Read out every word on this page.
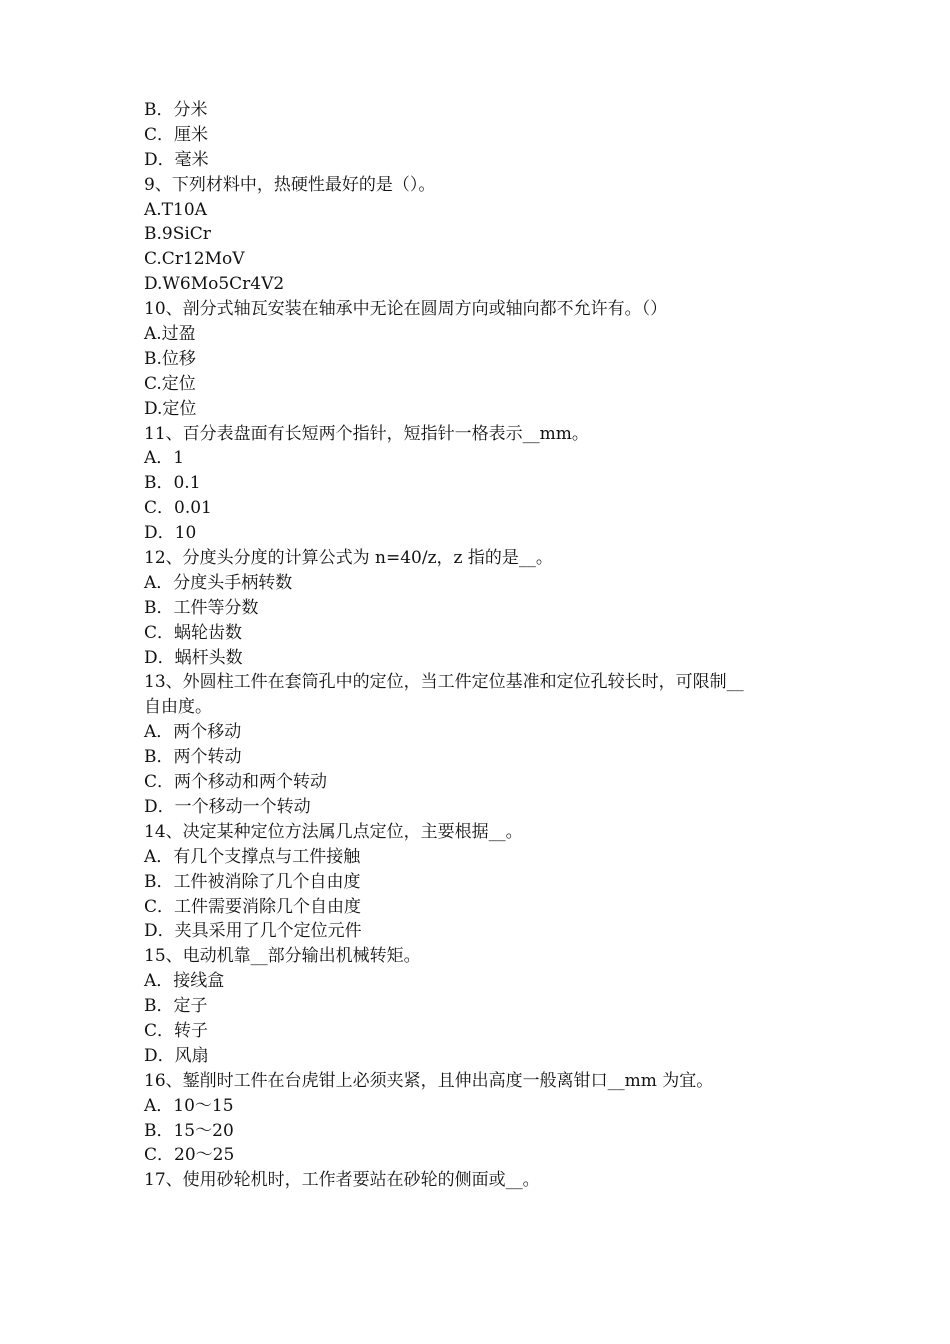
B．分米
C．厘米
D．毫米
9、下列材料中，热硬性最好的是（）。
A.T10A
B.9SiCr
C.Cr12MoV
D.W6Mo5Cr4V2
10、剖分式轴瓦安装在轴承中无论在圆周方向或轴向都不允许有。（）
A.过盈
B.位移
C.定位
D.定位
11、百分表盘面有长短两个指针，短指针一格表示__mm。
A．1
B．0.1
C．0.01
D．10
12、分度头分度的计算公式为 n=40/z，z 指的是__。
A．分度头手柄转数
B．工件等分数
C．蜗轮齿数
D．蜗杆头数
13、外圆柱工件在套筒孔中的定位，当工件定位基准和定位孔较长时，可限制__
自由度。
A．两个移动
B．两个转动
C．两个移动和两个转动
D．一个移动一个转动
14、决定某种定位方法属几点定位，主要根据__。
A．有几个支撑点与工件接触
B．工件被消除了几个自由度
C．工件需要消除几个自由度
D．夹具采用了几个定位元件
15、电动机靠__部分输出机械转矩。
A．接线盒
B．定子
C．转子
D．风扇
16、錾削时工件在台虎钳上必须夹紧，且伸出高度一般离钳口__mm 为宜。
A．10～15
B．15～20
C．20～25
17、使用砂轮机时，工作者要站在砂轮的侧面或__。
